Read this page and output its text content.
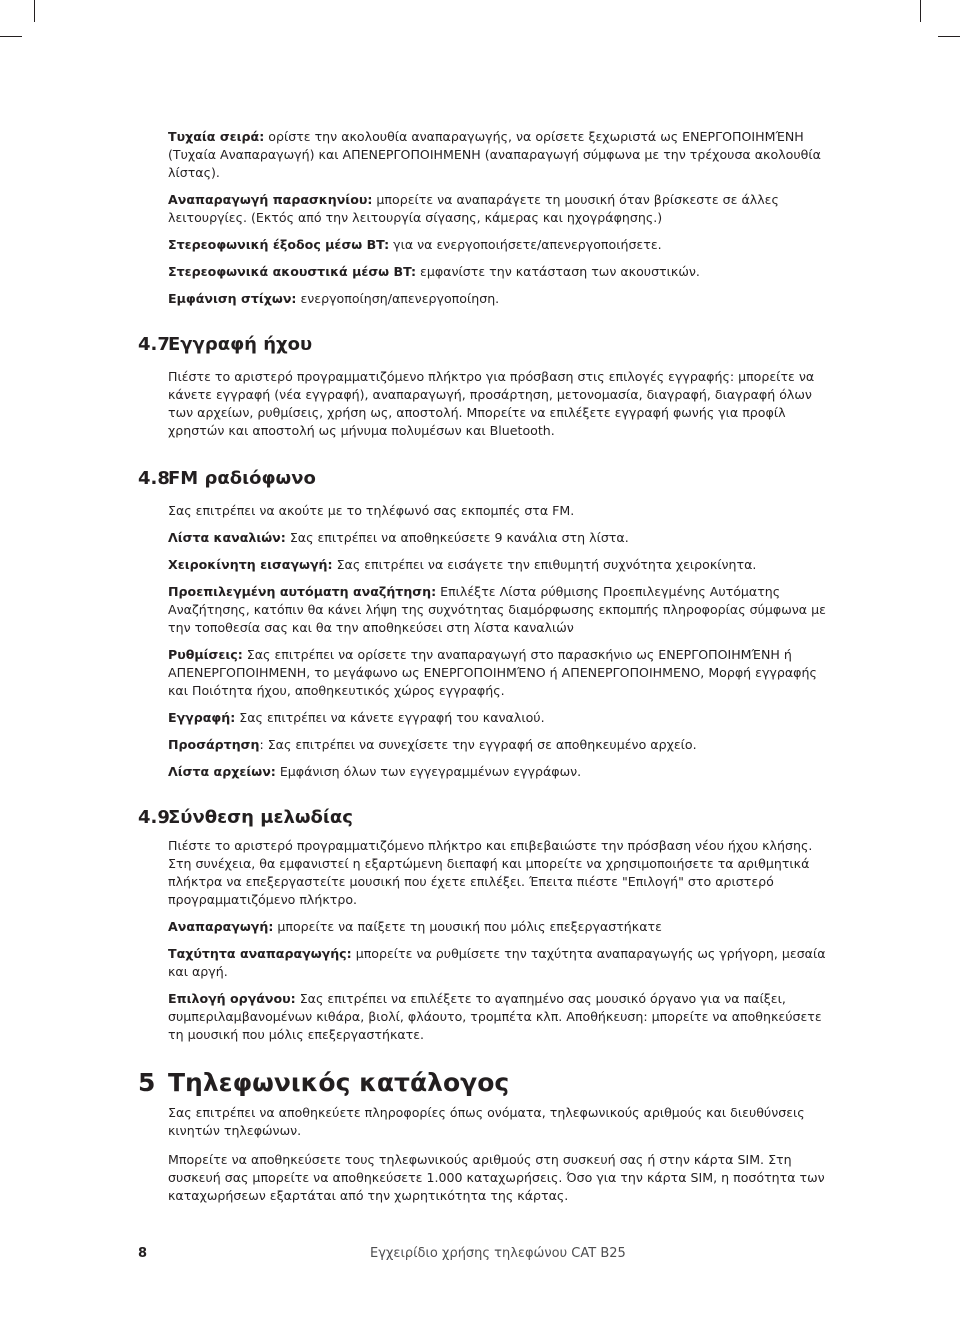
Τυχαία σειρά: ορίστε την ακολουθία αναπαραγωγής, να ορίσετε ξεχωριστά ως ΕΝΕΡΓΟΠΟΙΗΜΈΝΗ (Τυχαία Αναπαραγωγή) και ΑΠΕΝΕΡΓΟΠΟΙΗΜΕΝΗ (αναπαραγωγή σύμφωνα με την τρέχουσα ακολουθία λίστας).

Αναπαραγωγή παρασκηνίου: μπορείτε να αναπαράγετε τη μουσική όταν βρίσκεστε σε άλλες λειτουργίες. (Εκτός από την λειτουργία σίγασης, κάμερας και ηχογράφησης.)

Στερεοφωνική έξοδος μέσω BT: για να ενεργοποιήσετε/απενεργοποιήσετε.

Στερεοφωνικά ακουστικά μέσω BT: εμφανίστε την κατάσταση των ακουστικών.

Εμφάνιση στίχων: ενεργοποίηση/απενεργοποίηση.

4.7
Εγγραφή ήχου

Πιέστε το αριστερό προγραμματιζόμενο πλήκτρο για πρόσβαση στις επιλογές εγγραφής: μπορείτε να κάνετε εγγραφή (νέα εγγραφή), αναπαραγωγή, προσάρτηση, μετονομασία, διαγραφή, διαγραφή όλων των αρχείων, ρυθμίσεις, χρήση ως, αποστολή. Μπορείτε να επιλέξετε εγγραφή φωνής για προφίλ χρηστών και αποστολή ως μήνυμα πολυμέσων και Bluetooth.

4.8
FM ραδιόφωνο

Σας επιτρέπει να ακούτε με το τηλέφωνό σας εκπομπές στα FM.

Λίστα καναλιών: Σας επιτρέπει να αποθηκεύσετε 9 κανάλια στη λίστα.

Χειροκίνητη εισαγωγή: Σας επιτρέπει να εισάγετε την επιθυμητή συχνότητα χειροκίνητα.

Προεπιλεγμένη αυτόματη αναζήτηση: Επιλέξτε Λίστα ρύθμισης Προεπιλεγμένης Αυτόματης Αναζήτησης, κατόπιν θα κάνει λήψη της συχνότητας διαμόρφωσης εκπομπής πληροφορίας σύμφωνα με την τοποθεσία σας και θα την αποθηκεύσει στη λίστα καναλιών

Ρυθμίσεις: Σας επιτρέπει να ορίσετε την αναπαραγωγή στο παρασκήνιο ως ΕΝΕΡΓΟΠΟΙΗΜΈΝΗ ή ΑΠΕΝΕΡΓΟΠΟΙΗΜΕΝΗ, το μεγάφωνο ως ΕΝΕΡΓΟΠΟΙΗΜΈΝΟ ή ΑΠΕΝΕΡΓΟΠΟΙΗΜΕΝΟ, Μορφή εγγραφής και Ποιότητα ήχου, αποθηκευτικός χώρος εγγραφής.

Εγγραφή: Σας επιτρέπει να κάνετε εγγραφή του καναλιού.

Προσάρτηση: Σας επιτρέπει να συνεχίσετε την εγγραφή σε αποθηκευμένο αρχείο.

Λίστα αρχείων: Εμφάνιση όλων των εγγεγραμμένων εγγράφων.

4.9
Σύνθεση μελωδίας

Πιέστε το αριστερό προγραμματιζόμενο πλήκτρο και επιβεβαιώστε την πρόσβαση νέου ήχου κλήσης. Στη συνέχεια, θα εμφανιστεί η εξαρτώμενη διεπαφή και μπορείτε να χρησιμοποιήσετε τα αριθμητικά πλήκτρα να επεξεργαστείτε μουσική που έχετε επιλέξει. Έπειτα πιέστε "Επιλογή" στο αριστερό προγραμματιζόμενο πλήκτρο.

Αναπαραγωγή: μπορείτε να παίξετε τη μουσική που μόλις επεξεργαστήκατε

Ταχύτητα αναπαραγωγής: μπορείτε να ρυθμίσετε την ταχύτητα αναπαραγωγής ως γρήγορη, μεσαία και αργή.

Επιλογή οργάνου: Σας επιτρέπει να επιλέξετε το αγαπημένο σας μουσικό όργανο για να παίξει, συμπεριλαμβανομένων κιθάρα, βιολί, φλάουτο, τρομπέτα κλπ. Αποθήκευση: μπορείτε να αποθηκεύσετε τη μουσική που μόλις επεξεργαστήκατε.

5 Τηλεφωνικός κατάλογος

Σας επιτρέπει να αποθηκεύετε πληροφορίες όπως ονόματα, τηλεφωνικούς αριθμούς και διευθύνσεις κινητών τηλεφώνων.

Μπορείτε να αποθηκεύσετε τους τηλεφωνικούς αριθμούς στη συσκευή σας ή στην κάρτα SIM. Στη συσκευή σας μπορείτε να αποθηκεύσετε 1.000 καταχωρήσεις. Όσο για την κάρτα SIM, η ποσότητα των καταχωρήσεων εξαρτάται από την χωρητικότητα της κάρτας.

8	Εγχειρίδιο χρήσης τηλεφώνου CAT B25
